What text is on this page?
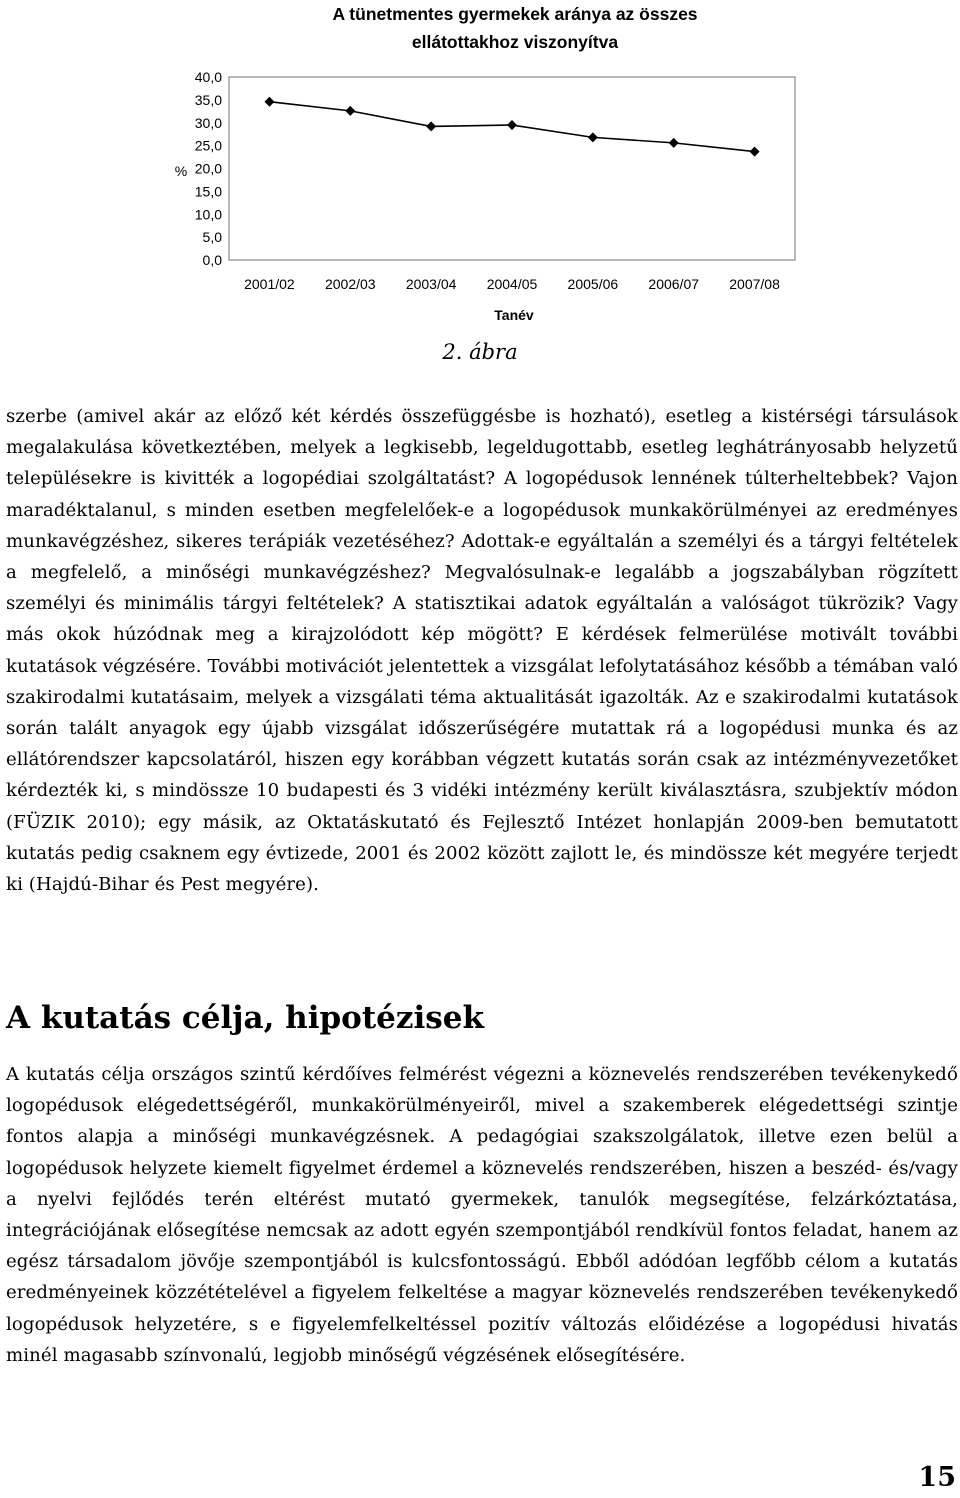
A tünetmentes gyermekek aránya az összes
ellátottakhoz viszonyítva
0,0
5,0
10,0
15,0
20,0
25,0
30,0
35,0
40,0
2001/02 2002/03 2003/04 2004/05 2005/06 2006/07 2007/08
%
Tanév
2. ábra
szerbe (amivel akár az előző két kérdés összefüggésbe is hozható), esetleg a kistérségi társulások megalakulása következtében, melyek a legkisebb, legeldugottabb, esetleg leghátrányosabb helyzetű településekre is kivitték a logopédiai szolgáltatást? A logopédusok lennének túlterheltebbek? Vajon maradéktalanul, s minden esetben megfelelőek-e a logopédusok munkakörülményei az eredményes munkavégzéshez, sikeres terápiák vezetéséhez? Adottak-e egyáltalán a személyi és a tárgyi feltételek a megfelelő, a minőségi munkavégzéshez? Megvalósulnak-e legalább a jogszabályban rögzített személyi és minimális tárgyi feltételek? A statisztikai adatok egyáltalán a valóságot tükrözik? Vagy más okok húzódnak meg a kirajzolódott kép mögött? E kérdések felmerülése motivált további kutatások végzésére. További motivációt jelentettek a vizsgálat lefolytatásához később a témában való szakirodalmi kutatásaim, melyek a vizsgálati téma aktualitását igazolták. Az e szakirodalmi kutatások során talált anyagok egy újabb vizsgálat időszerűségére mutattak rá a logopédusi munka és az ellátórendszer kapcsolatáról, hiszen egy korábban végzett kutatás során csak az intézményvezetőket kérdezték ki, s mindössze 10 budapesti és 3 vidéki intézmény került kiválasztásra, szubjektív módon (FÜZIK 2010); egy másik, az Oktatáskutató és Fejlesztő Intézet honlapján 2009-ben bemutatott kutatás pedig csaknem egy évtizede, 2001 és 2002 között zajlott le, és mindössze két megyére terjedt ki (Hajdú-Bihar és Pest megyére).
A kutatás célja, hipotézisek
A kutatás célja országos szintű kérdőíves felmérést végezni a köznevelés rendszerében tevékenykedő logopédusok elégedettségéről, munkakörülményeiről, mivel a szakemberek elégedettségi szintje fontos alapja a minőségi munkavégzésnek. A pedagógiai szakszolgálatok, illetve ezen belül a logopédusok helyzete kiemelt figyelmet érdemel a köznevelés rendszerében, hiszen a beszéd- és/vagy a nyelvi fejlődés terén eltérést mutató gyermekek, tanulók megsegítése, felzárkóztatása, integrációjának elősegítése nemcsak az adott egyén szempontjából rendkívül fontos feladat, hanem az egész társadalom jövője szempontjából is kulcsfontosságú. Ebből adódóan legfőbb célom a kutatás eredményeinek közzétételével a figyelem felkeltése a magyar köznevelés rendszerében tevékenykedő logopédusok helyzetére, s e figyelemfelkeltéssel pozitív változás előidézése a logopédusi hivatás minél magasabb színvonalú, legjobb minőségű végzésének elősegítésére.
15
